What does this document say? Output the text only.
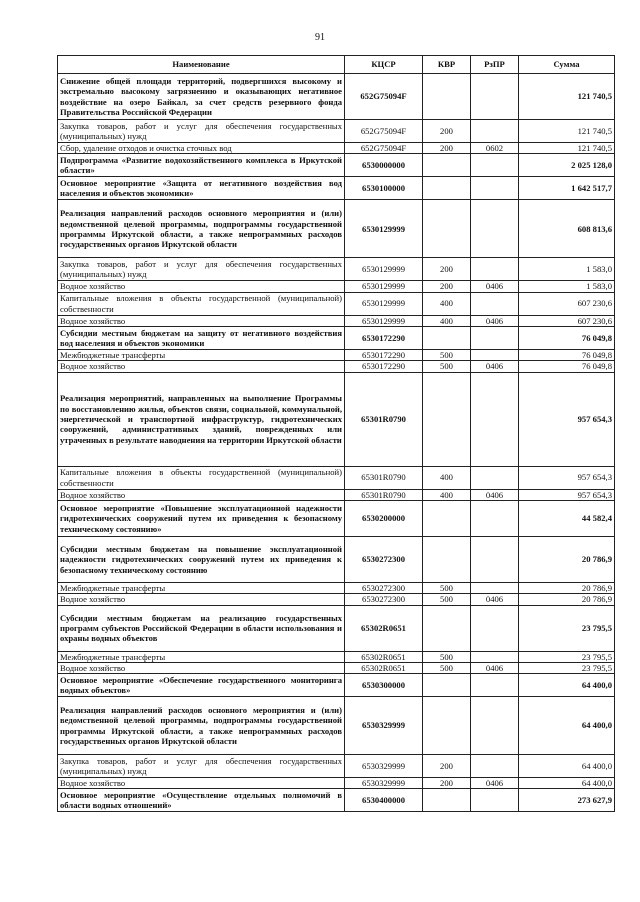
91
Наименование	КЦСР	КВР	РзПР	Сумма
Снижение общей площади территорий, подвергшихся высокому и экстремально высокому загрязнению и оказывающих негативное воздействие на озеро Байкал, за счет средств резервного фонда Правительства Российской Федерации	652G75094F			121 740,5
Закупка товаров, работ и услуг для обеспечения государственных (муниципальных) нужд	652G75094F	200		121 740,5
Сбор, удаление отходов и очистка сточных вод	652G75094F	200	0602	121 740,5
Подпрограмма «Развитие водохозяйственного комплекса в Иркутской области»	6530000000			2 025 128,0
Основное мероприятие «Защита от негативного воздействия вод населения и объектов экономики»	6530100000			1 642 517,7
Реализация направлений расходов основного мероприятия и (или) ведомственной целевой программы, подпрограммы государственной программы Иркутской области, а также непрограммных расходов государственных органов Иркутской области	6530129999			608 813,6
Закупка товаров, работ и услуг для обеспечения государственных (муниципальных) нужд	6530129999	200		1 583,0
Водное хозяйство	6530129999	200	0406	1 583,0
Капитальные вложения в объекты государственной (муниципальной) собственности	6530129999	400		607 230,6
Водное хозяйство	6530129999	400	0406	607 230,6
Субсидии местным бюджетам на защиту от негативного воздействия вод населения и объектов экономики	6530172290			76 049,8
Межбюджетные трансферты	6530172290	500		76 049,8
Водное хозяйство	6530172290	500	0406	76 049,8
Реализация мероприятий, направленных на выполнение Программы по восстановлению жилья, объектов связи, социальной, коммунальной, энергетической и транспортной инфраструктур, гидротехнических сооружений, административных зданий, поврежденных или утраченных в результате наводнения на территории Иркутской области	65301R0790			957 654,3
Капитальные вложения в объекты государственной (муниципальной) собственности	65301R0790	400		957 654,3
Водное хозяйство	65301R0790	400	0406	957 654,3
Основное мероприятие «Повышение эксплуатационной надежности гидротехнических сооружений путем их приведения к безопасному техническому состоянию»	6530200000			44 582,4
Субсидии местным бюджетам на повышение эксплуатационной надежности гидротехнических сооружений путем их приведения к безопасному техническому состоянию	6530272300			20 786,9
Межбюджетные трансферты	6530272300	500		20 786,9
Водное хозяйство	6530272300	500	0406	20 786,9
Субсидии местным бюджетам на реализацию государственных программ субъектов Российской Федерации в области использования и охраны водных объектов	65302R0651			23 795,5
Межбюджетные трансферты	65302R0651	500		23 795,5
Водное хозяйство	65302R0651	500	0406	23 795,5
Основное мероприятие «Обеспечение государственного мониторинга водных объектов»	6530300000			64 400,0
Реализация направлений расходов основного мероприятия и (или) ведомственной целевой программы, подпрограммы государственной программы Иркутской области, а также непрограммных расходов государственных органов Иркутской области	6530329999			64 400,0
Закупка товаров, работ и услуг для обеспечения государственных (муниципальных) нужд	6530329999	200		64 400,0
Водное хозяйство	6530329999	200	0406	64 400,0
Основное мероприятие «Осуществление отдельных полномочий в области водных отношений»	6530400000			273 627,9
